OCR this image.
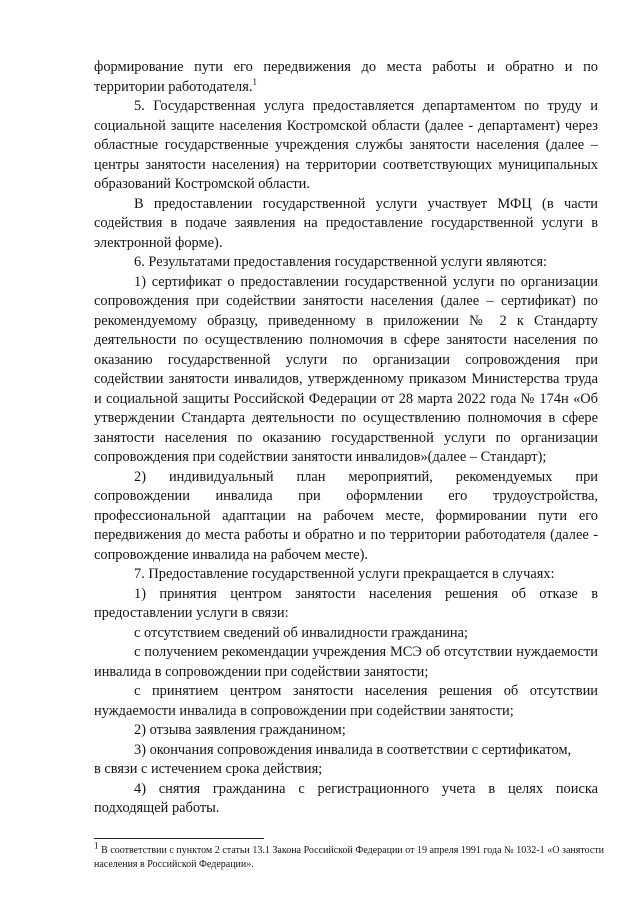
формирование пути его передвижения до места работы и обратно и по территории работодателя.$^1$

5. Государственная услуга предоставляется департаментом по труду и социальной защите населения Костромской области (далее - департамент) через областные государственные учреждения службы занятости населения (далее – центры занятости населения) на территории соответствующих муниципальных образований Костромской области.

В предоставлении государственной услуги участвует МФЦ (в части содействия в подаче заявления на предоставление государственной услуги в электронной форме).

6. Результатами предоставления государственной услуги являются:

1) сертификат о предоставлении государственной услуги по организации сопровождения при содействии занятости населения (далее – сертификат) по рекомендуемому образцу, приведенному в приложении № 2 к Стандарту деятельности по осуществлению полномочия в сфере занятости населения по оказанию государственной услуги по организации сопровождения при содействии занятости инвалидов, утвержденному приказом Министерства труда и социальной защиты Российской Федерации от 28 марта 2022 года № 174н «Об утверждении Стандарта деятельности по осуществлению полномочия в сфере занятости населения по оказанию государственной услуги по организации сопровождения при содействии занятости инвалидов»(далее – Стандарт);

2) индивидуальный план мероприятий, рекомендуемых при сопровождении инвалида при оформлении его трудоустройства, профессиональной адаптации на рабочем месте, формировании пути его передвижения до места работы и обратно и по территории работодателя (далее - сопровождение инвалида на рабочем месте).

7. Предоставление государственной услуги прекращается в случаях:

1) принятия центром занятости населения решения об отказе в предоставлении услуги в связи:

с отсутствием сведений об инвалидности гражданина;

с получением рекомендации учреждения МСЭ об отсутствии нуждаемости инвалида в сопровождении при содействии занятости;

с принятием центром занятости населения решения об отсутствии нуждаемости инвалида в сопровождении при содействии занятости;

2) отзыва заявления гражданином;

3) окончания сопровождения инвалида в соответствии с сертификатом,

в связи с истечением срока действия;

4) снятия гражданина с регистрационного учета в целях поиска подходящей работы.

1 В соответствии с пунктом 2 статьи 13.1 Закона Российской Федерации от 19 апреля 1991 года № 1032-1 «О занятости населения в Российской Федерации».
